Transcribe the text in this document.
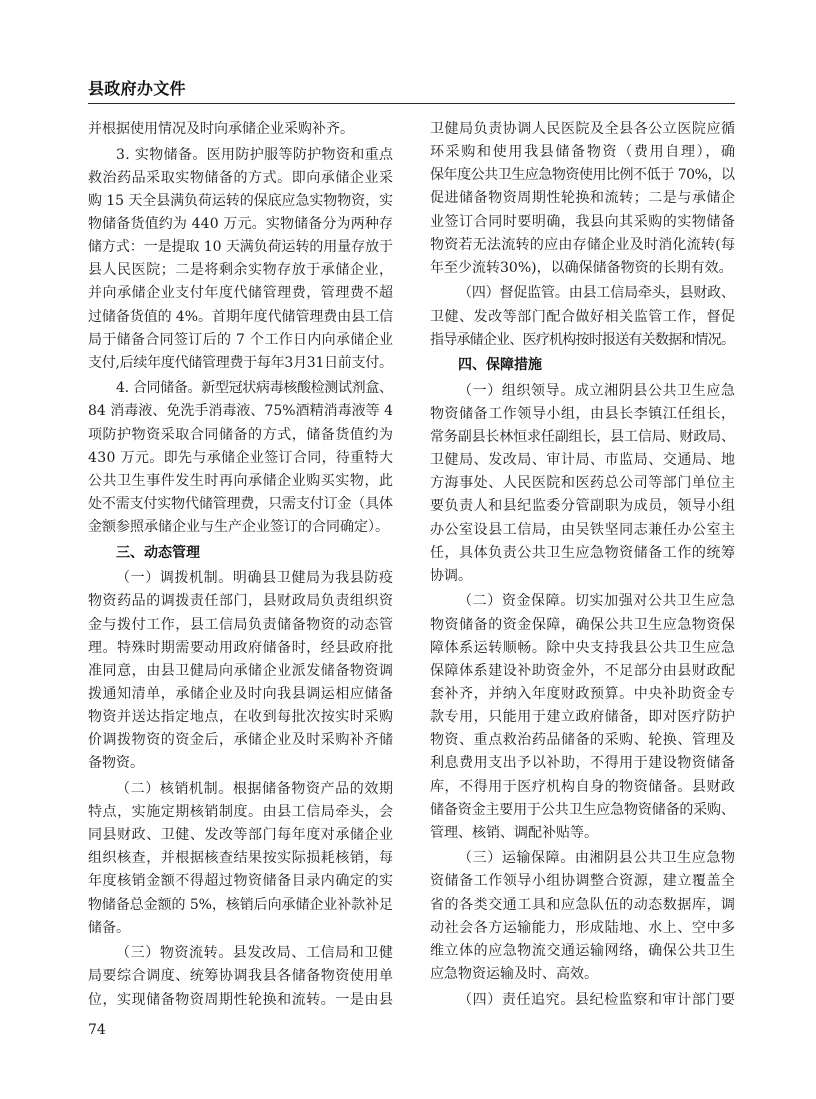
县政府办文件
并根据使用情况及时向承储企业采购补齐。
3. 实物储备。医用防护服等防护物资和重点
救治药品采取实物储备的方式。即向承储企业采
购 15 天全县满负荷运转的保底应急实物物资，实
物储备货值约为 440 万元。实物储备分为两种存
储方式：一是提取 10 天满负荷运转的用量存放于
县人民医院；二是将剩余实物存放于承储企业，
并向承储企业支付年度代储管理费，管理费不超
过储备货值的 4%。首期年度代储管理费由县工信
局于储备合同签订后的 7 个工作日内向承储企业
支付,后续年度代储管理费于每年3月31日前支付。
4. 合同储备。新型冠状病毒核酸检测试剂盒、
84 消毒液、免洗手消毒液、75%酒精消毒液等 4
项防护物资采取合同储备的方式，储备货值约为
430 万元。即先与承储企业签订合同，待重特大
公共卫生事件发生时再向承储企业购买实物，此
处不需支付实物代储管理费，只需支付订金（具体
金额参照承储企业与生产企业签订的合同确定）。
三、动态管理
（一）调拨机制。明确县卫健局为我县防疫
物资药品的调拨责任部门，县财政局负责组织资
金与拨付工作，县工信局负责储备物资的动态管
理。特殊时期需要动用政府储备时，经县政府批
准同意，由县卫健局向承储企业派发储备物资调
拨通知清单，承储企业及时向我县调运相应储备
物资并送达指定地点，在收到每批次按实时采购
价调拨物资的资金后，承储企业及时采购补齐储
备物资。
（二）核销机制。根据储备物资产品的效期
特点，实施定期核销制度。由县工信局牵头，会
同县财政、卫健、发改等部门每年度对承储企业
组织核查，并根据核查结果按实际损耗核销，每
年度核销金额不得超过物资储备目录内确定的实
物储备总金额的 5%，核销后向承储企业补款补足
储备。
（三）物资流转。县发改局、工信局和卫健
局要综合调度、统筹协调我县各储备物资使用单
位，实现储备物资周期性轮换和流转。一是由县
卫健局负责协调人民医院及全县各公立医院应循
环采购和使用我县储备物资（费用自理），确
保年度公共卫生应急物资使用比例不低于 70%，以
促进储备物资周期性轮换和流转；二是与承储企
业签订合同时要明确，我县向其采购的实物储备
物资若无法流转的应由存储企业及时消化流转(每
年至少流转30%)，以确保储备物资的长期有效。
（四）督促监管。由县工信局牵头，县财政、
卫健、发改等部门配合做好相关监管工作，督促
指导承储企业、医疗机构按时报送有关数据和情况。
四、保障措施
（一）组织领导。成立湘阴县公共卫生应急
物资储备工作领导小组，由县长李镇江任组长，
常务副县长林恒求任副组长，县工信局、财政局、
卫健局、发改局、审计局、市监局、交通局、地
方海事处、人民医院和医药总公司等部门单位主
要负责人和县纪监委分管副职为成员，领导小组
办公室设县工信局，由吴铁坚同志兼任办公室主
任，具体负责公共卫生应急物资储备工作的统筹
协调。
（二）资金保障。切实加强对公共卫生应急
物资储备的资金保障，确保公共卫生应急物资保
障体系运转顺畅。除中央支持我县公共卫生应急
保障体系建设补助资金外，不足部分由县财政配
套补齐，并纳入年度财政预算。中央补助资金专
款专用，只能用于建立政府储备，即对医疗防护
物资、重点救治药品储备的采购、轮换、管理及
利息费用支出予以补助，不得用于建设物资储备
库，不得用于医疗机构自身的物资储备。县财政
储备资金主要用于公共卫生应急物资储备的采购、
管理、核销、调配补贴等。
（三）运输保障。由湘阴县公共卫生应急物
资储备工作领导小组协调整合资源，建立覆盖全
省的各类交通工具和应急队伍的动态数据库，调
动社会各方运输能力，形成陆地、水上、空中多
维立体的应急物流交通运输网络，确保公共卫生
应急物资运输及时、高效。
（四）责任追究。县纪检监察和审计部门要
74
